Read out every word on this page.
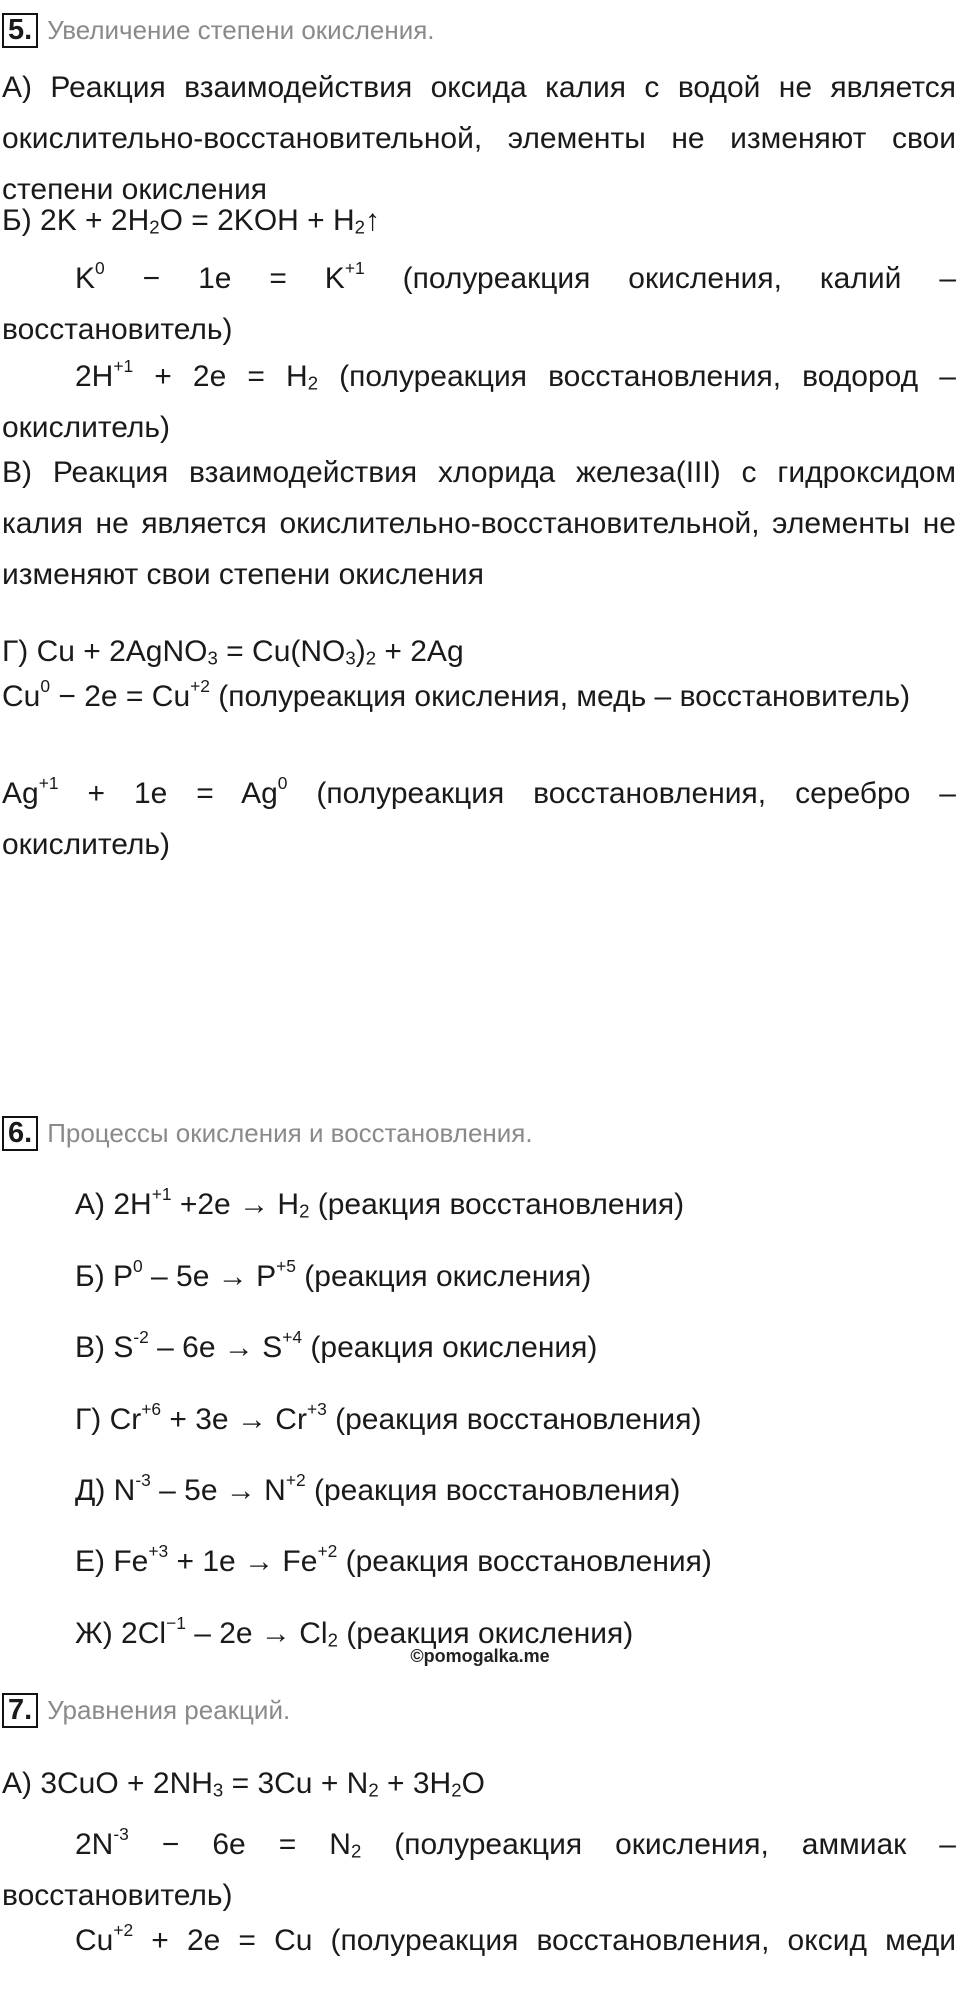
5. Увеличение степени окисления.
А) Реакция взаимодействия оксида калия с водой не является окислительно-восстановительной, элементы не изменяют свои степени окисления
Б) $2K + 2H_2O = 2KOH$ + $H_2↑$
$K^0 - 1e = K^{+1}$ (полуреакция окисления, калий – восстановитель)
$2H^{+1} + 2e = H_2$ (полуреакция восстановления, водород – окислитель)
В) Реакция взаимодействия хлорида железа(III) с гидроксидом калия не является окислительно-восстановительной, элементы не изменяют свои степени окисления
Г) Cu + 2AgNO$_3$ = $Cu(NO_3)_2 + 2Ag$
$Cu^0 - 2e = Cu^{+2}$ (полуреакция окисления, медь – восстановитель)
$Ag^{+1} + 1e = Ag^0$ (полуреакция восстановления, серебро – окислитель)
6. Процессы окисления и восстановления.
А) $2H^{+1} +2e \to H_2$ (реакция восстановления)
Б) $P^0 - 5e \to P^{+5}$ (реакция окисления)
В) $S^{-2} - 6e \to S^{+4}$ (реакция окисления)
Г) $Cr^{+6} + 3e \to Cr^{+3}$ (реакция восстановления)
Д) $N^{-3} - 5e \to N^{+2}$ (реакция восстановления)
Е) $Fe^{+3} + 1e \to Fe^{+2}$ (реакция восстановления)
Ж) $2Cl^{-1} - 2e \to Cl_2$ (реакция окисления)
©pomogalka.me
7. Уравнения реакций.
А) $3CuO + 2NH_3 = 3Cu + N_2 + 3H_2O$
$2N^{-3} - 6e = N_2$ (полуреакция окисления, аммиак – восстановитель)
$Cu^{+2} + 2e = Cu$ (полуреакция восстановления, оксид меди
